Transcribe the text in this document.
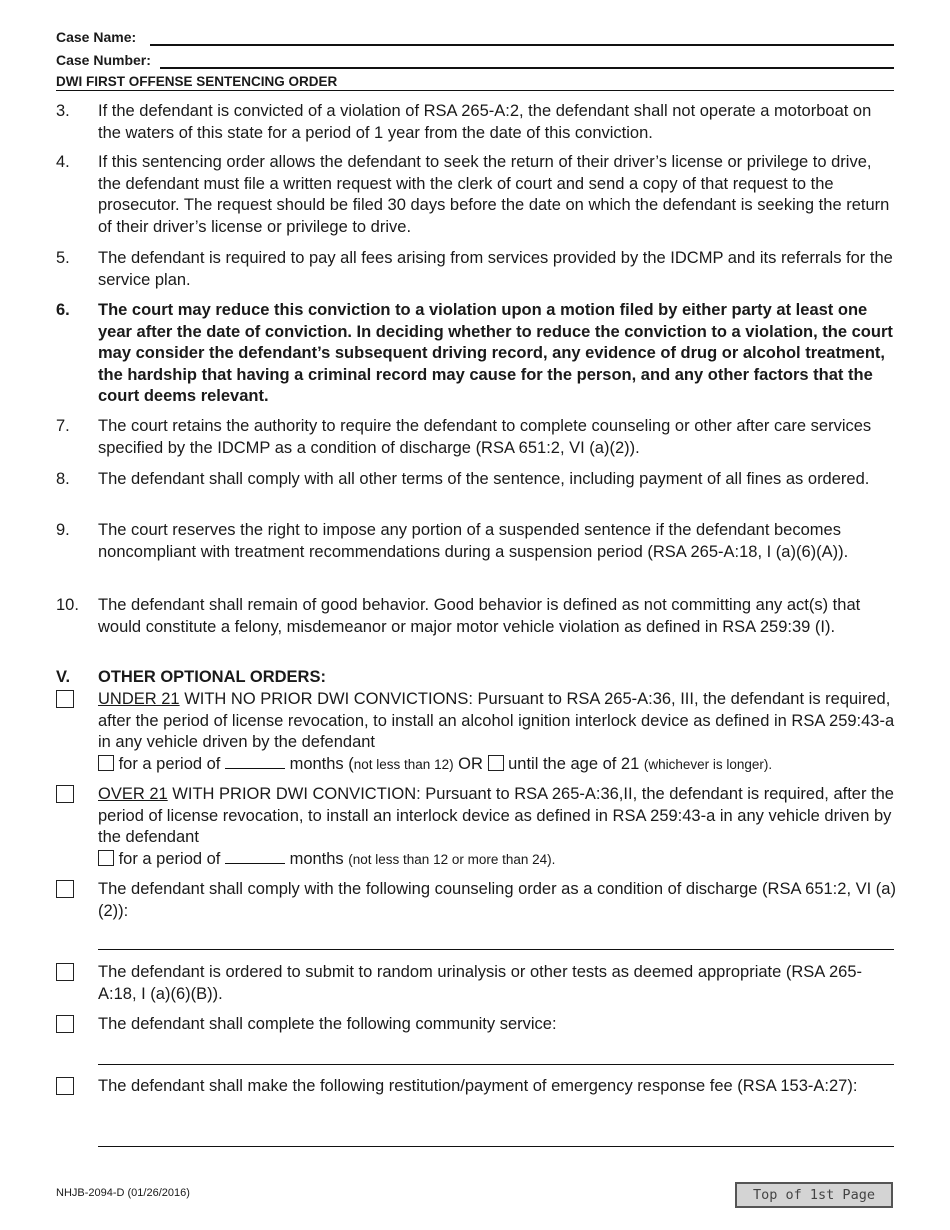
Case Name:
Case Number:
DWI FIRST OFFENSE SENTENCING ORDER
3.	If the defendant is convicted of a violation of RSA 265-A:2, the defendant shall not operate a motorboat on the waters of this state for a period of 1 year from the date of this conviction.
4.	If this sentencing order allows the defendant to seek the return of their driver’s license or privilege to drive, the defendant must file a written request with the clerk of court and send a copy of that request to the prosecutor. The request should be filed 30 days before the date on which the defendant is seeking the return of their driver’s license or privilege to drive.
5.	The defendant is required to pay all fees arising from services provided by the IDCMP and its referrals for the service plan.
6.	The court may reduce this conviction to a violation upon a motion filed by either party at least one year after the date of conviction. In deciding whether to reduce the conviction to a violation, the court may consider the defendant’s subsequent driving record, any evidence of drug or alcohol treatment, the hardship that having a criminal record may cause for the person, and any other factors that the court deems relevant.
7.	The court retains the authority to require the defendant to complete counseling or other after care services specified by the IDCMP as a condition of discharge (RSA 651:2, VI (a)(2)).
8.	The defendant shall comply with all other terms of the sentence, including payment of all fines as ordered.
9.	The court reserves the right to impose any portion of a suspended sentence if the defendant becomes noncompliant with treatment recommendations during a suspension period (RSA 265-A:18, I (a)(6)(A)).
10.	The defendant shall remain of good behavior. Good behavior is defined as not committing any act(s) that would constitute a felony, misdemeanor or major motor vehicle violation as defined in RSA 259:39 (I).
V.	OTHER OPTIONAL ORDERS:
UNDER 21 WITH NO PRIOR DWI CONVICTIONS: Pursuant to RSA 265-A:36, III, the defendant is required, after the period of license revocation, to install an alcohol ignition interlock device as defined in RSA 259:43-a in any vehicle driven by the defendant
for a period of	months (not less than 12) OR  until the age of 21 (whichever is longer).
OVER 21 WITH PRIOR DWI CONVICTION: Pursuant to RSA 265-A:36,II, the defendant is required, after the period of license revocation, to install an interlock device as defined in RSA 259:43-a in any vehicle driven by the defendant
for a period of	months (not less than 12 or more than 24).
The defendant shall comply with the following counseling order as a condition of discharge (RSA 651:2, VI (a)(2)):
The defendant is ordered to submit to random urinalysis or other tests as deemed appropriate (RSA 265-A:18, I (a)(6)(B)).
The defendant shall complete the following community service:
The defendant shall make the following restitution/payment of emergency response fee (RSA 153-A:27):
NHJB-2094-D (01/26/2016)	Top of 1st Page
